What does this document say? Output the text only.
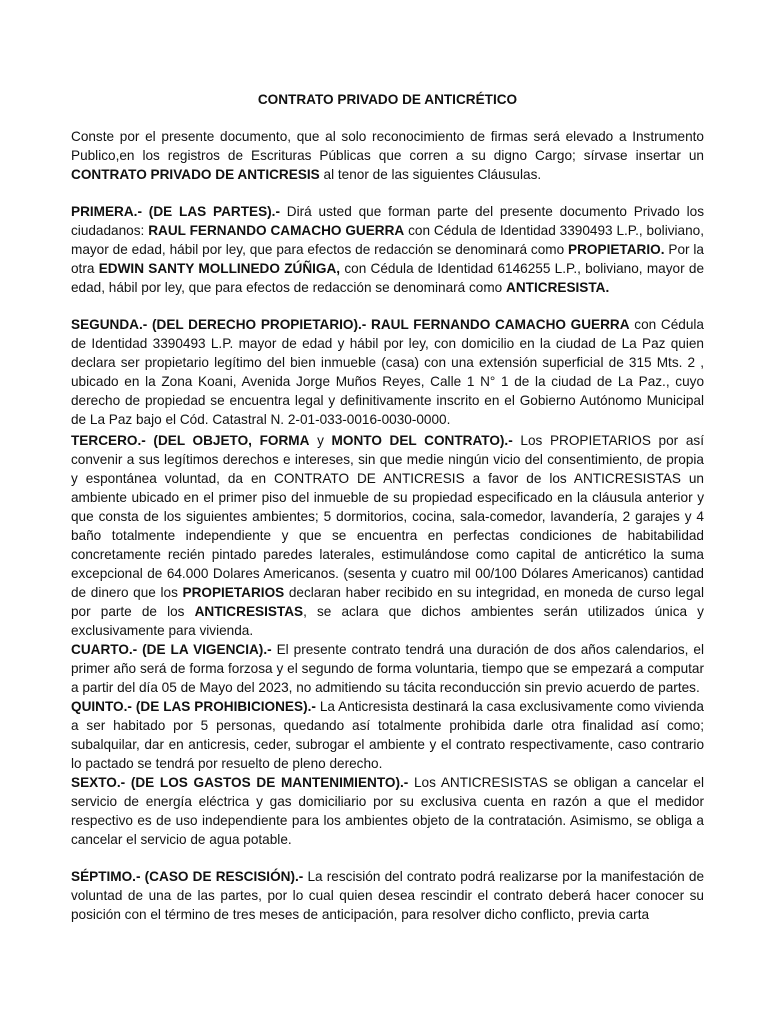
CONTRATO PRIVADO DE ANTICRÉTICO

Conste por el presente documento, que al solo reconocimiento de firmas será elevado a Instrumento Publico,en los registros de Escrituras Públicas que corren a su digno Cargo; sírvase insertar un CONTRATO PRIVADO DE ANTICRESIS al tenor de las siguientes Cláusulas.

PRIMERA.- (DE LAS PARTES).- Dirá usted que forman parte del presente documento Privado los ciudadanos: RAUL FERNANDO CAMACHO GUERRA con Cédula de Identidad 3390493 L.P., boliviano, mayor de edad, hábil por ley, que para efectos de redacción se denominará como PROPIETARIO. Por la otra EDWIN SANTY MOLLINEDO ZÚÑIGA, con Cédula de Identidad 6146255 L.P., boliviano, mayor de edad, hábil por ley, que para efectos de redacción se denominará como ANTICRESISTA.

SEGUNDA.- (DEL DERECHO PROPIETARIO).- RAUL FERNANDO CAMACHO GUERRA con Cédula de Identidad 3390493 L.P. mayor de edad y hábil por ley, con domicilio en la ciudad de La Paz quien declara ser propietario legítimo del bien inmueble (casa) con una extensión superficial de 315 Mts. 2 , ubicado en la Zona Koani, Avenida Jorge Muños Reyes, Calle 1 N° 1 de la ciudad de La Paz., cuyo derecho de propiedad se encuentra legal y definitivamente inscrito en el Gobierno Autónomo Municipal de La Paz bajo el Cód. Catastral N. 2-01-033-0016-0030-0000.

TERCERO.- (DEL OBJETO, FORMA y MONTO DEL CONTRATO).- Los PROPIETARIOS por así convenir a sus legítimos derechos e intereses, sin que medie ningún vicio del consentimiento, de propia y espontánea voluntad, da en CONTRATO DE ANTICRESIS a favor de los ANTICRESISTAS un ambiente ubicado en el primer piso del inmueble de su propiedad especificado en la cláusula anterior y que consta de los siguientes ambientes; 5 dormitorios, cocina, sala-comedor, lavandería, 2 garajes y 4 baño totalmente independiente y que se encuentra en perfectas condiciones de habitabilidad concretamente recién pintado paredes laterales, estimulándose como capital de anticrético la suma excepcional de 64.000 Dolares Americanos. (sesenta y cuatro mil 00/100 Dólares Americanos) cantidad de dinero que los PROPIETARIOS declaran haber recibido en su integridad, en moneda de curso legal por parte de los ANTICRESISTAS, se aclara que dichos ambientes serán utilizados única y exclusivamente para vivienda.

CUARTO.- (DE LA VIGENCIA).- El presente contrato tendrá una duración de dos años calendarios, el primer año será de forma forzosa y el segundo de forma voluntaria, tiempo que se empezará a computar a partir del día 05 de Mayo del 2023, no admitiendo su tácita reconducción sin previo acuerdo de partes.

QUINTO.- (DE LAS PROHIBICIONES).- La Anticresista destinará la casa exclusivamente como vivienda a ser habitado por 5 personas, quedando así totalmente prohibida darle otra finalidad así como; subalquilar, dar en anticresis, ceder, subrogar el ambiente y el contrato respectivamente, caso contrario lo pactado se tendrá por resuelto de pleno derecho.

SEXTO.- (DE LOS GASTOS DE MANTENIMIENTO).- Los ANTICRESISTAS se obligan a cancelar el servicio de energía eléctrica y gas domiciliario por su exclusiva cuenta en razón a que el medidor respectivo es de uso independiente para los ambientes objeto de la contratación. Asimismo, se obliga a cancelar el servicio de agua potable.

SÉPTIMO.- (CASO DE RESCISIÓN).- La rescisión del contrato podrá realizarse por la manifestación de voluntad de una de las partes, por lo cual quien desea rescindir el contrato deberá hacer conocer su posición con el término de tres meses de anticipación, para resolver dicho conflicto, previa carta
